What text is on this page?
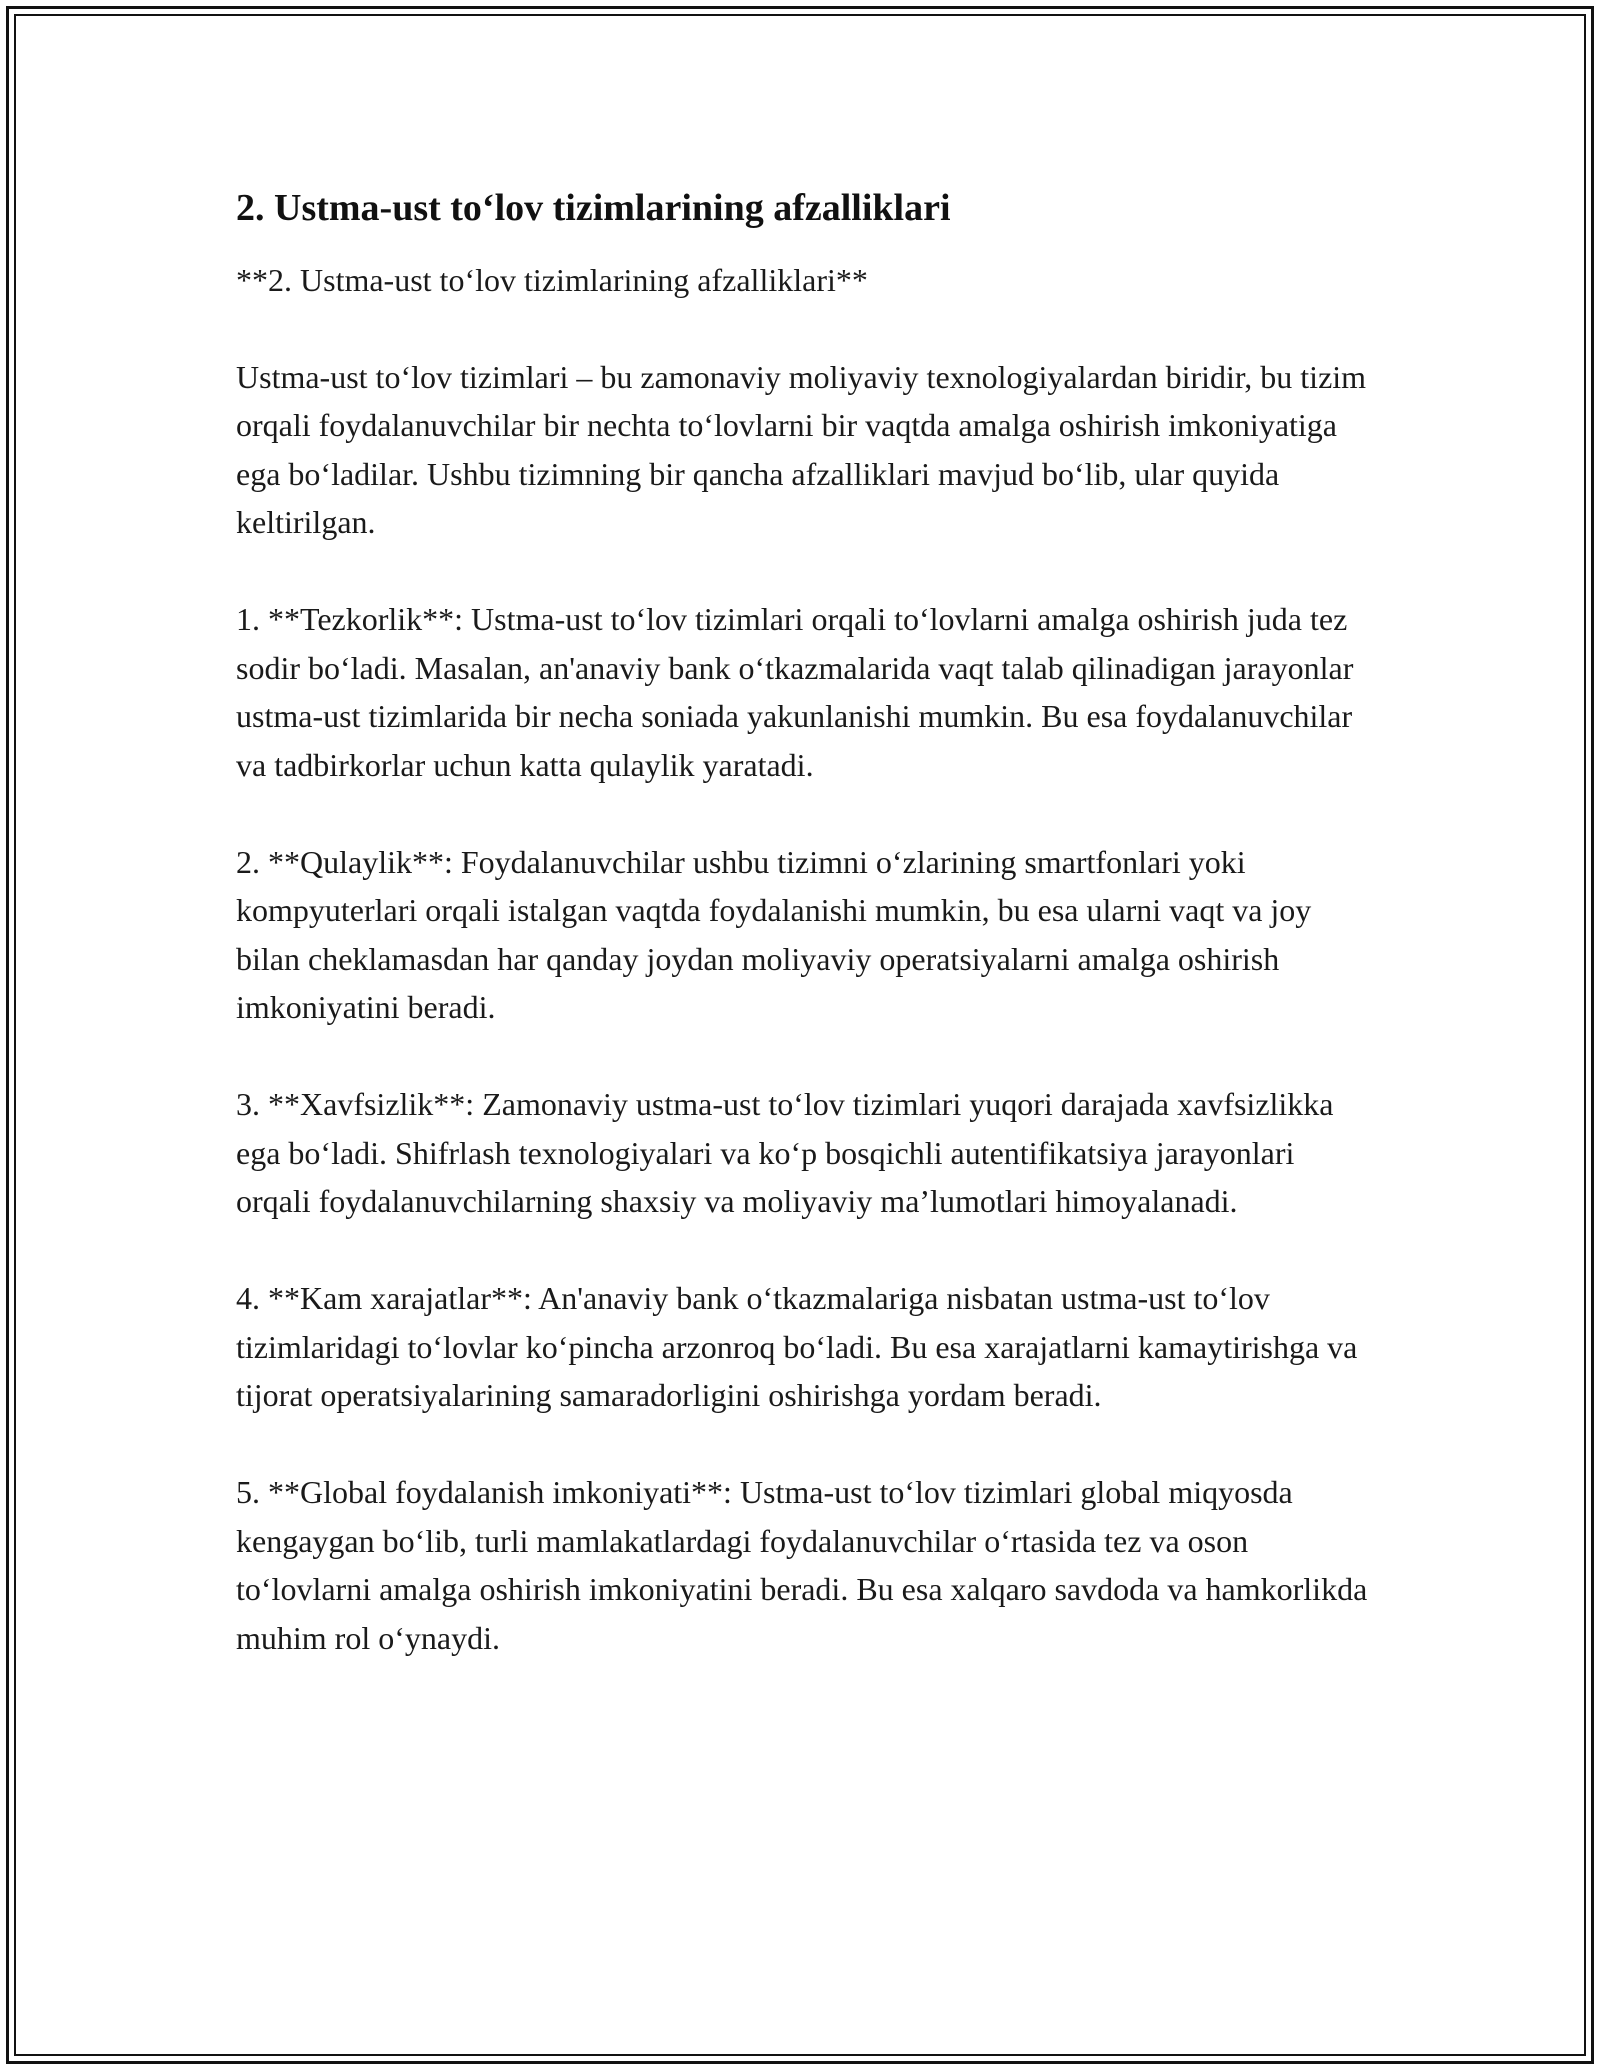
2. Ustma-ust to‘lov tizimlarining afzalliklari

**2. Ustma-ust to‘lov tizimlarining afzalliklari**

Ustma-ust to‘lov tizimlari – bu zamonaviy moliyaviy texnologiyalardan biridir, bu tizim orqali foydalanuvchilar bir nechta to‘lovlarni bir vaqtda amalga oshirish imkoniyatiga ega bo‘ladilar. Ushbu tizimning bir qancha afzalliklari mavjud bo‘lib, ular quyida keltirilgan.

1. **Tezkorlik**: Ustma-ust to‘lov tizimlari orqali to‘lovlarni amalga oshirish juda tez sodir bo‘ladi. Masalan, an'anaviy bank o‘tkazmalarida vaqt talab qilinadigan jarayonlar ustma-ust tizimlarida bir necha soniada yakunlanishi mumkin. Bu esa foydalanuvchilar va tadbirkorlar uchun katta qulaylik yaratadi.

2. **Qulaylik**: Foydalanuvchilar ushbu tizimni o‘zlarining smartfonlari yoki kompyuterlari orqali istalgan vaqtda foydalanishi mumkin, bu esa ularni vaqt va joy bilan cheklamasdan har qanday joydan moliyaviy operatsiyalarni amalga oshirish imkoniyatini beradi.

3. **Xavfsizlik**: Zamonaviy ustma-ust to‘lov tizimlari yuqori darajada xavfsizlikka ega bo‘ladi. Shifrlash texnologiyalari va ko‘p bosqichli autentifikatsiya jarayonlari orqali foydalanuvchilarning shaxsiy va moliyaviy ma’lumotlari himoyalanadi.

4. **Kam xarajatlar**: An'anaviy bank o‘tkazmalariga nisbatan ustma-ust to‘lov tizimlaridagi to‘lovlar ko‘pincha arzonroq bo‘ladi. Bu esa xarajatlarni kamaytirishga va tijorat operatsiyalarining samaradorligini oshirishga yordam beradi.

5. **Global foydalanish imkoniyati**: Ustma-ust to‘lov tizimlari global miqyosda kengaygan bo‘lib, turli mamlakatlardagi foydalanuvchilar o‘rtasida tez va oson to‘lovlarni amalga oshirish imkoniyatini beradi. Bu esa xalqaro savdoda va hamkorlikda muhim rol o‘ynaydi.
